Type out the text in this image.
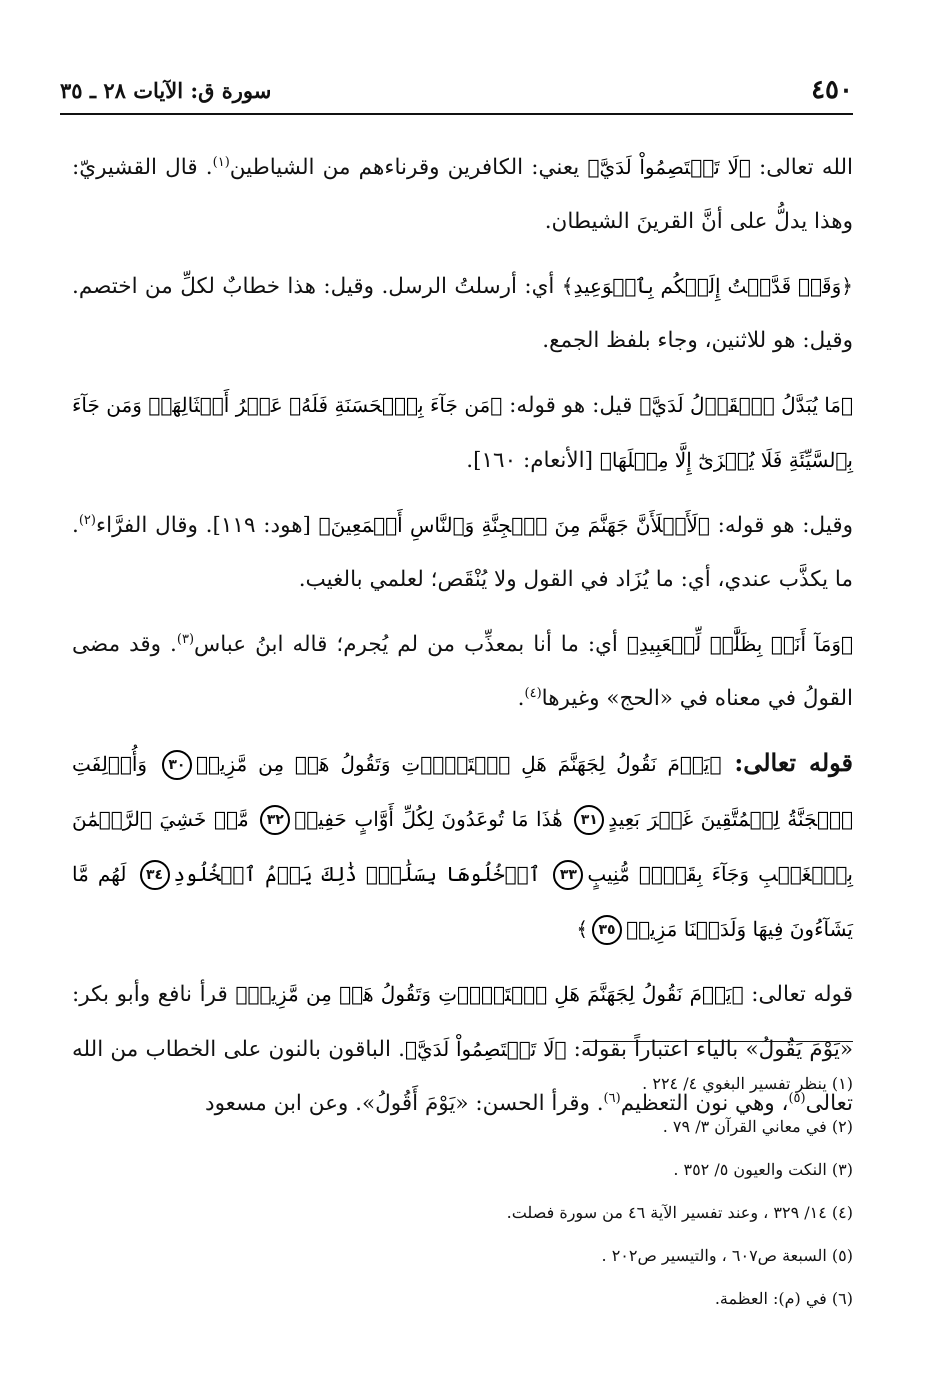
٤٥٠
سورة ق: الآيات ٢٨ ـ ٣٥

الله تعالى: ﴿لَا تَخۡتَصِمُواْ لَدَيَّ﴾ يعني: الكافرين وقرناءهم من الشياطين$^{(١)}$. قال القشيريّ: وهذا يدلُّ على أنَّ القرينَ الشيطان.

﴿وَقَدۡ قَدَّمۡتُ إِلَيۡكُم بِٱلۡوَعِيدِ﴾ أي: أرسلتُ الرسل. وقيل: هذا خطابٌ لكلِّ من اختصم. وقيل: هو للاثنين، وجاء بلفظ الجمع.

﴿مَا يُبَدَّلُ ٱلۡقَوۡلُ لَدَيَّ﴾ قيل: هو قوله: ﴿مَن جَآءَ بِٱلۡحَسَنَةِ فَلَهُۥ عَشۡرُ أَمۡثَالِهَاۖ وَمَن جَآءَ بِٱلسَّيِّئَةِ فَلَا يُجۡزَىٰٓ إِلَّا مِثۡلَهَا﴾ [الأنعام: ١٦٠].

وقيل: هو قوله: ﴿لَأَمۡلَأَنَّ جَهَنَّمَ مِنَ ٱلۡجِنَّةِ وَٱلنَّاسِ أَجۡمَعِينَ﴾ [هود: ١١٩]. وقال الفرَّاء$^{(٢)}$. ما يكذَّب عندي، أي: ما يُزَاد في القول ولا يُنْقَص؛ لعلمي بالغيب.

﴿وَمَآ أَنَا۠ بِظَلَّٰمٖ لِّلۡعَبِيدِ﴾ أي: ما أنا بمعذِّب من لم يُجرم؛ قاله ابنُ عباس$^{(٣)}$. وقد مضى القولُ في معناه في «الحج» وغيرها$^{(٤)}$.

قوله تعالى: ﴿يَوۡمَ نَقُولُ لِجَهَنَّمَ هَلِ ٱمۡتَلَأۡتِ وَتَقُولُ هَلۡ مِن مَّزِيدٖ٣٠ وَأُزۡلِفَتِ ٱلۡجَنَّةُ لِلۡمُتَّقِينَ غَيۡرَ بَعِيدٍ٣١ هَٰذَا مَا تُوعَدُونَ لِكُلِّ أَوَّابٍ حَفِيظٖ٣٢ مَّنۡ خَشِيَ ٱلرَّحۡمَٰنَ بِٱلۡغَيۡبِ وَجَآءَ بِقَلۡبٖ مُّنِيبٍ٣٣ ٱدۡخُلُوهَا بِسَلَٰمٖۖ ذَٰلِكَ يَوۡمُ ٱلۡخُلُودِ٣٤ لَهُم مَّا يَشَآءُونَ فِيهَا وَلَدَيۡنَا مَزِيدٞ٣٥﴾

قوله تعالى: ﴿يَوۡمَ نَقُولُ لِجَهَنَّمَ هَلِ ٱمۡتَلَأۡتِ وَتَقُولُ هَلۡ مِن مَّزِيدٖ﴾ قرأ نافع وأبو بكر: «يَوْمَ يَقُولُ» بالياء اعتباراً بقوله: ﴿لَا تَخۡتَصِمُواْ لَدَيَّ﴾. الباقون بالنون على الخطاب من الله تعالى$^{(٥)}$، وهي نون التعظيم$^{(٦)}$. وقرأ الحسن: «يَوْمَ أَقُولُ». وعن ابن مسعود

(١) ينظر تفسير البغوي ٤/ ٢٢٤ .

(٢) في معاني القرآن ٣/ ٧٩ .

(٣) النكت والعيون ٥/ ٣٥٢ .

(٤) ١٤/ ٣٢٩ ، وعند تفسير الآية ٤٦ من سورة فصلت.

(٥) السبعة ص٦٠٧ ، والتيسير ص٢٠٢ .

(٦) في (م): العظمة.
